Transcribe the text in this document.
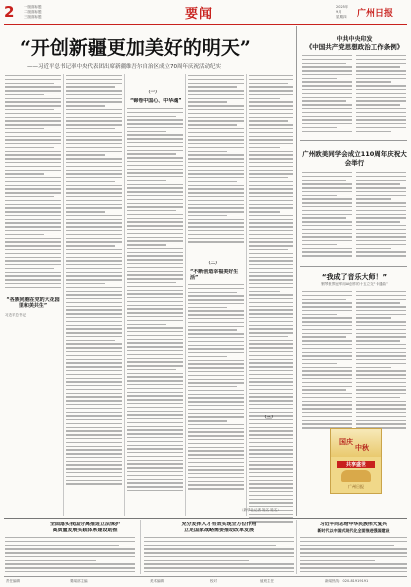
2	一版面标题
二版面标题
三版面标题	要闻	2025年
9月
星期四 广州日报
“开创新疆更加美好的明天”
——习近平总书记率中央代表团出席新疆维吾尔自治区成立70周年庆祝活动纪实
（一）
“锦卷中国心、中华魂”
（二）
“不断创造幸福美好生活”
（三）
（新华社记者 姓名 姓名）
“各族同胞在党的大花园里和美共生”
习近平总书记
中共中央印发
《中国共产党思想政治工作条例》
广州欧美同学会成立110周年庆祝大会举行
“我成了音乐大师！”
钢琴世界冠军用AI创作的十五立交“卡通曲”
国庆
中秋
共享盛世
广州日报
全面落实我国分离推进立法保护
高质量发展实践体系建设助推
充分发挥人才有效实现全方位作用
立足国家战略需要推动改革发展
习近平同志给中华民族伟大复兴
新时代以中国式现代化全面推进强国建设
责任编辑	要闻部主编	美术编辑	校对	值班主任	新闻热线：020-81919191
